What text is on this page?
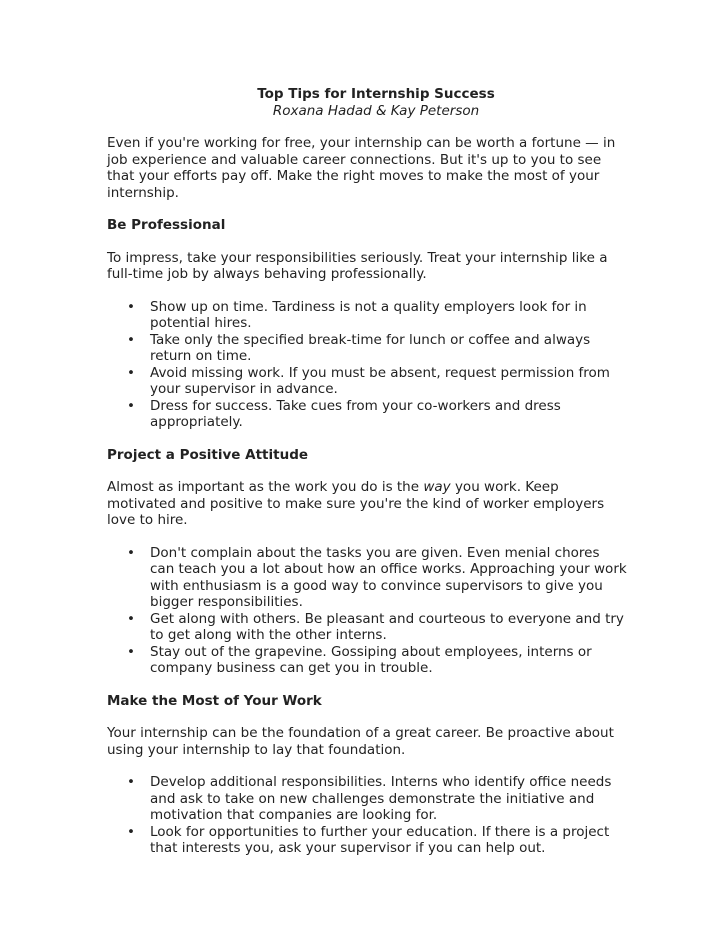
Top Tips for Internship Success
Roxana Hadad & Kay Peterson

Even if you're working for free, your internship can be worth a fortune — in job experience and valuable career connections. But it's up to you to see that your efforts pay off. Make the right moves to make the most of your internship.

Be Professional

To impress, take your responsibilities seriously. Treat your internship like a full-time job by always behaving professionally.

• Show up on time. Tardiness is not a quality employers look for in potential hires.
• Take only the specified break-time for lunch or coffee and always return on time.
• Avoid missing work. If you must be absent, request permission from your supervisor in advance.
• Dress for success. Take cues from your co-workers and dress appropriately.
Project a Positive Attitude

Almost as important as the work you do is the way you work. Keep motivated and positive to make sure you're the kind of worker employers love to hire.

• Don't complain about the tasks you are given. Even menial chores can teach you a lot about how an office works. Approaching your work with enthusiasm is a good way to convince supervisors to give you bigger responsibilities.
• Get along with others. Be pleasant and courteous to everyone and try to get along with the other interns.
• Stay out of the grapevine. Gossiping about employees, interns or company business can get you in trouble.
Make the Most of Your Work

Your internship can be the foundation of a great career. Be proactive about using your internship to lay that foundation.

• Develop additional responsibilities. Interns who identify office needs and ask to take on new challenges demonstrate the initiative and motivation that companies are looking for.
• Look for opportunities to further your education. If there is a project that interests you, ask your supervisor if you can help out.
